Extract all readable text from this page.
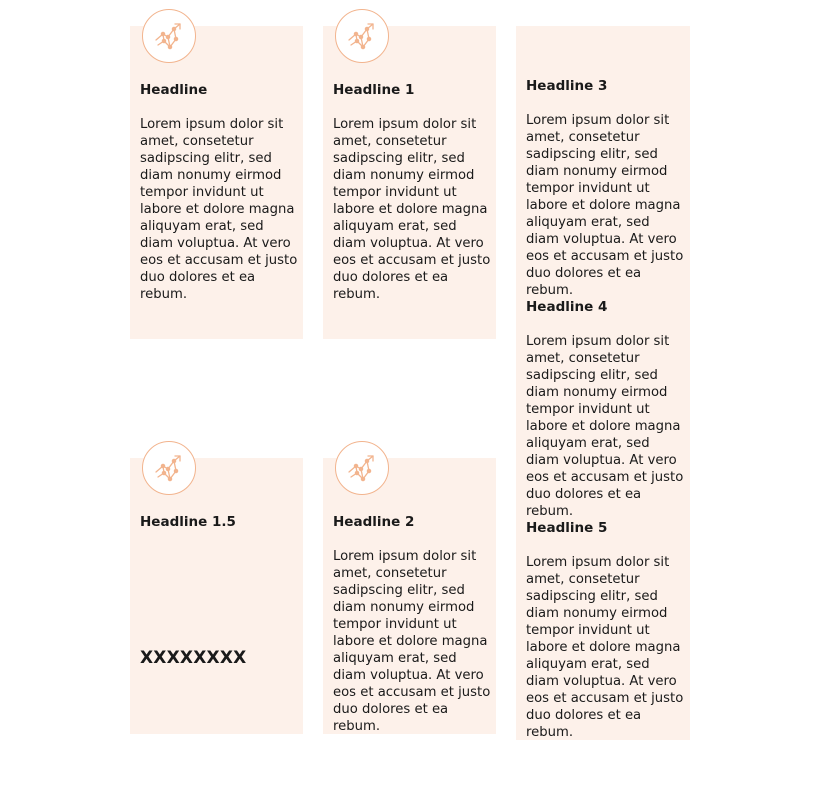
Headline

Lorem ipsum dolor sit amet, consetetur sadipscing elitr, sed diam nonumy eirmod tempor invidunt ut labore et dolore magna aliquyam erat, sed diam voluptua. At vero eos et accusam et justo duo dolores et ea rebum.

Headline 1

Lorem ipsum dolor sit amet, consetetur sadipscing elitr, sed diam nonumy eirmod tempor invidunt ut labore et dolore magna aliquyam erat, sed diam voluptua. At vero eos et accusam et justo duo dolores et ea rebum.

Headline 3

Lorem ipsum dolor sit amet, consetetur sadipscing elitr, sed diam nonumy eirmod tempor invidunt ut labore et dolore magna aliquyam erat, sed diam voluptua. At vero eos et accusam et justo duo dolores et ea rebum.

Headline 4

Lorem ipsum dolor sit amet, consetetur sadipscing elitr, sed diam nonumy eirmod tempor invidunt ut labore et dolore magna aliquyam erat, sed diam voluptua. At vero eos et accusam et justo duo dolores et ea rebum.

Headline 5

Lorem ipsum dolor sit amet, consetetur sadipscing elitr, sed diam nonumy eirmod tempor invidunt ut labore et dolore magna aliquyam erat, sed diam voluptua. At vero eos et accusam et justo duo dolores et ea rebum.

Headline 1.5

XXXXXXXX

Headline 2

Lorem ipsum dolor sit amet, consetetur sadipscing elitr, sed diam nonumy eirmod tempor invidunt ut labore et dolore magna aliquyam erat, sed diam voluptua. At vero eos et accusam et justo duo dolores et ea rebum.
